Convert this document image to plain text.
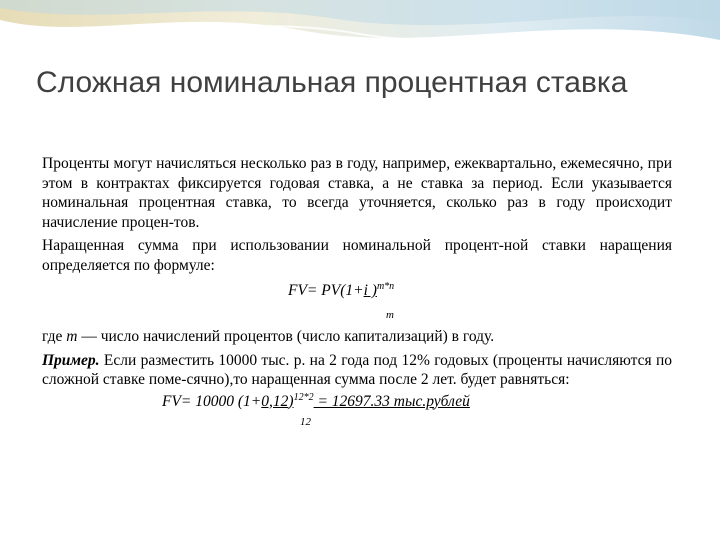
Сложная номинальная процентная ставка

Проценты могут начисляться несколько раз в году, например, ежеквартально, ежемесячно, при этом в контрактах фиксируется годовая ставка, а не ставка за период. Если указывается номинальная процентная ставка, то всегда уточняется, сколько раз в году происходит начисление процен-тов.

Наращенная сумма при использовании номинальной процент-ной ставки наращения определяется по формуле:

FV= PV(1+i )$^{m*n}$
m

где m — число начислений процентов (число капитализаций) в году.

Пример. Если разместить 10000 тыс. р. на 2 года под 12% годовых (проценты начисляются по сложной ставке поме-сячно),то наращенная сумма после 2 лет. будет равняться:

FV= 10000 $(1+0,12)^{12*2} = 12697.33$ тыс.рублей
12
